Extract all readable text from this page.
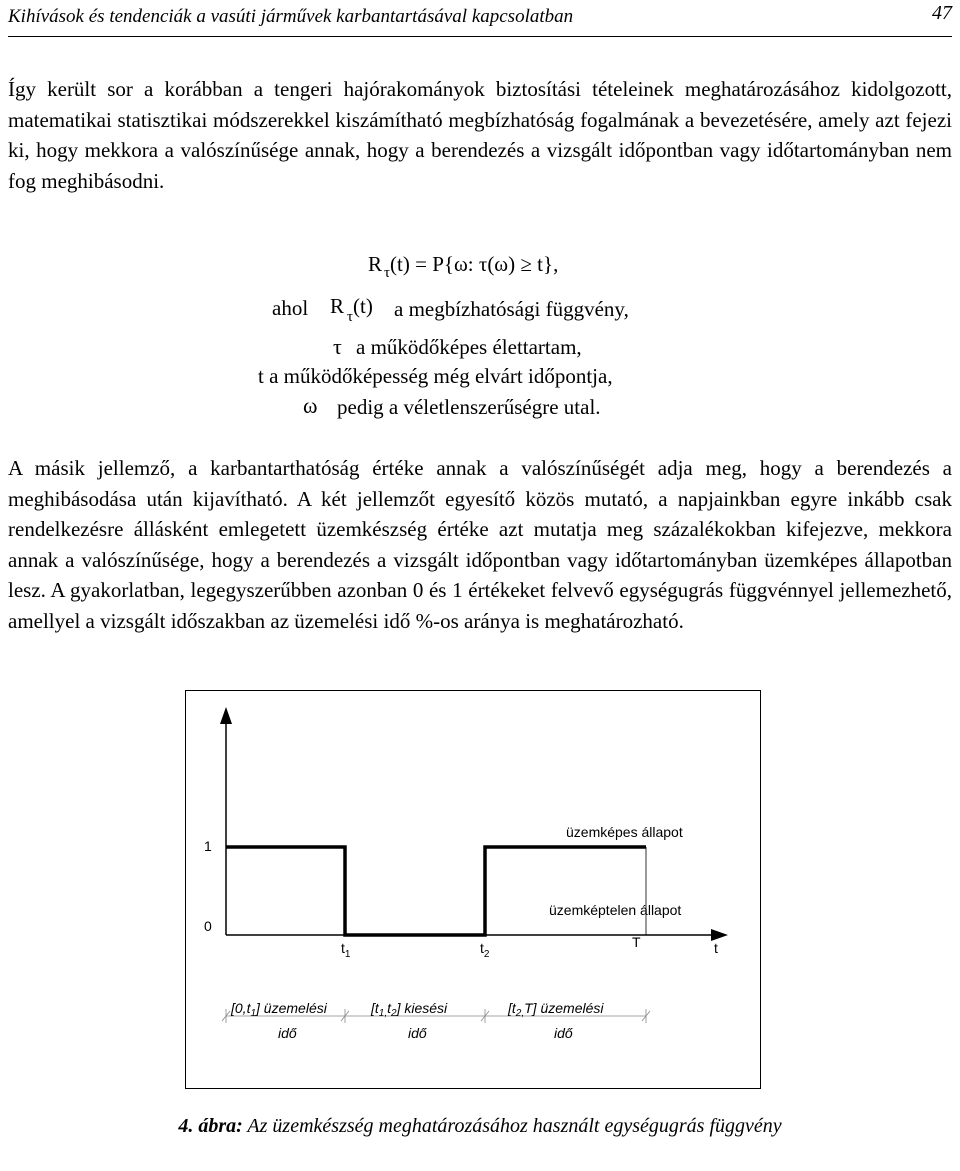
Kihívások és tendenciák a vasúti járművek karbantartásával kapcsolatban	47

Így került sor a korábban a tengeri hajórakományok biztosítási tételeinek meghatározásához kidolgozott, matematikai statisztikai módszerekkel kiszámítható megbízhatóság fogalmának a bevezetésére, amely azt fejezi ki, hogy mekkora a valószínűsége annak, hogy a berendezés a vizsgált időpontban vagy időtartományban nem fog meghibásodni.

R $_\tau$(t) = P{ω: τ(ω) ≥ t},
ahol R $_\tau$(t) a megbízhatósági függvény,
τ a működőképes élettartam,
t a működőképesség még elvárt időpontja,
ω pedig a véletlenszerűségre utal.

A másik jellemző, a karbantarthatóság értéke annak a valószínűségét adja meg, hogy a berendezés a meghibásodása után kijavítható. A két jellemzőt egyesítő közös mutató, a napjainkban egyre inkább csak rendelkezésre állásként emlegetett üzemkészség értéke azt mutatja meg százalékokban kifejezve, mekkora annak a valószínűsége, hogy a berendezés a vizsgált időpontban vagy időtartományban üzemképes állapotban lesz. A gyakorlatban, legegyszerűbben azonban 0 és 1 értékeket felvevő egységugrás függvénnyel jellemezhető, amellyel a vizsgált időszakban az üzemelési idő %-os aránya is meghatározható.

1
0
$t_1$	$t_2$
T	t
üzemképes állapot
üzemképtelen állapot
$[0,t_1]$ üzemelési
idő
$[t_{1,}t_2]$ kiesési
idő
$[t_{2,}T]$ üzemelési
idő
4. ábra: Az üzemkészség meghatározásához használt egységugrás függvény
